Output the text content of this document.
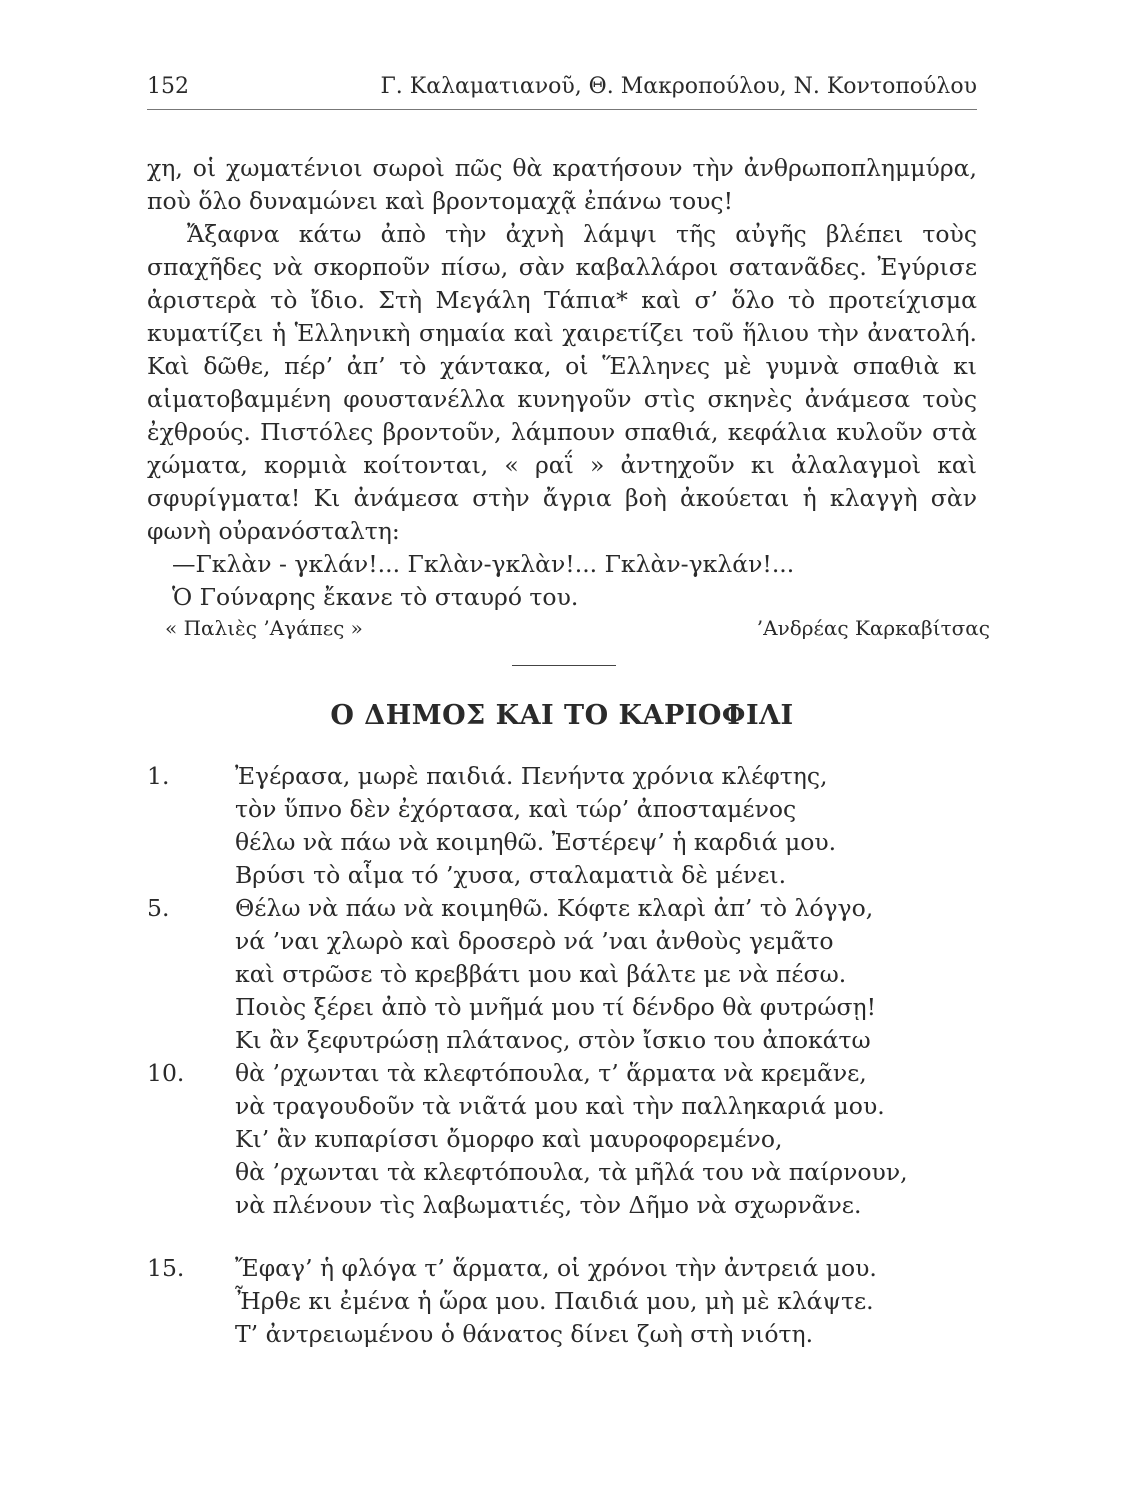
152	Γ. Καλαματιανοῦ, Θ. Μακροπούλου, Ν. Κοντοπούλου

χη, οἱ χωματένιοι σωροὶ πῶς θὰ κρατήσουν τὴν ἀνθρωποπλημμύρα, ποὺ ὅλο δυναμώνει καὶ βροντομαχᾷ ἐπάνω τους!

Ἄξαφνα κάτω ἀπὸ τὴν ἀχνὴ λάμψι τῆς αὐγῆς βλέπει τοὺς σπαχῆδες νὰ σκορποῦν πίσω, σὰν καβαλλάροι σατανᾶδες. Ἐγύρισε ἀριστερὰ τὸ ἴδιο. Στὴ Μεγάλη Τάπια* καὶ σ’ ὅλο τὸ προτείχισμα κυματίζει ἡ Ἑλληνικὴ σημαία καὶ χαιρετίζει τοῦ ἥλιου τὴν ἀνατολή. Καὶ δῶθε, πέρ’ ἀπ’ τὸ χάντακα, οἱ Ἕλληνες μὲ γυμνὰ σπαθιὰ κι αἱματοβαμμένη φουστανέλλα κυνηγοῦν στὶς σκηνὲς ἀνάμεσα τοὺς ἐχθρούς. Πιστόλες βροντοῦν, λάμπουν σπαθιά, κεφάλια κυλοῦν στὰ χώματα, κορμιὰ κοίτονται, « ραΐ » ἀντηχοῦν κι ἀλαλαγμοὶ καὶ σφυρίγματα! Κι ἀνάμεσα στὴν ἄγρια βοὴ ἀκούεται ἡ κλαγγὴ σὰν φωνὴ οὐρανόσταλτη:

—Γκλὰν - γκλάν!... Γκλὰν-γκλὰν!... Γκλὰν-γκλάν!...

Ὁ Γούναρης ἔκανε τὸ σταυρό του.

« Παλιὲς ’Αγάπες »	’Ανδρέας Καρκαβίτσας
Ο ΔΗΜΟΣ ΚΑΙ ΤΟ ΚΑΡΙΟΦΙΛΙ
1.	Ἐγέρασα, μωρὲ παιδιά. Πενήντα χρόνια κλέφτης,
τὸν ὕπνο δὲν ἐχόρτασα, καὶ τώρ’ ἀποσταμένος
θέλω νὰ πάω νὰ κοιμηθῶ. Ἐστέρεψ’ ἡ καρδιά μου.
Βρύσι τὸ αἷμα τό ’χυσα, σταλαματιὰ δὲ μένει.
5.	Θέλω νὰ πάω νὰ κοιμηθῶ. Κόφτε κλαρὶ ἀπ’ τὸ λόγγο,
νά ’ναι χλωρὸ καὶ δροσερὸ νά ’ναι ἀνθοὺς γεμᾶτο
καὶ στρῶσε τὸ κρεββάτι μου καὶ βάλτε με νὰ πέσω.
Ποιὸς ξέρει ἀπὸ τὸ μνῆμά μου τί δένδρο θὰ φυτρώσῃ!
Κι ἂν ξεφυτρώσῃ πλάτανος, στὸν ἴσκιο του ἀποκάτω
10.	θὰ ’ρχωνται τὰ κλεφτόπουλα, τ’ ἅρματα νὰ κρεμᾶνε,
νὰ τραγουδοῦν τὰ νιᾶτά μου καὶ τὴν παλληκαριά μου.
Κι’ ἂν κυπαρίσσι ὄμορφο καὶ μαυροφορεμένο,
θὰ ’ρχωνται τὰ κλεφτόπουλα, τὰ μῆλά του νὰ παίρνουν,
νὰ πλένουν τὶς λαβωματιές, τὸν Δῆμο νὰ σχωρνᾶνε.
15.	Ἔφαγ’ ἡ φλόγα τ’ ἅρματα, οἱ χρόνοι τὴν ἀντρειά μου.
Ἦρθε κι ἐμένα ἡ ὥρα μου. Παιδιά μου, μὴ μὲ κλάψτε.
Τ’ ἀντρειωμένου ὁ θάνατος δίνει ζωὴ στὴ νιότη.
